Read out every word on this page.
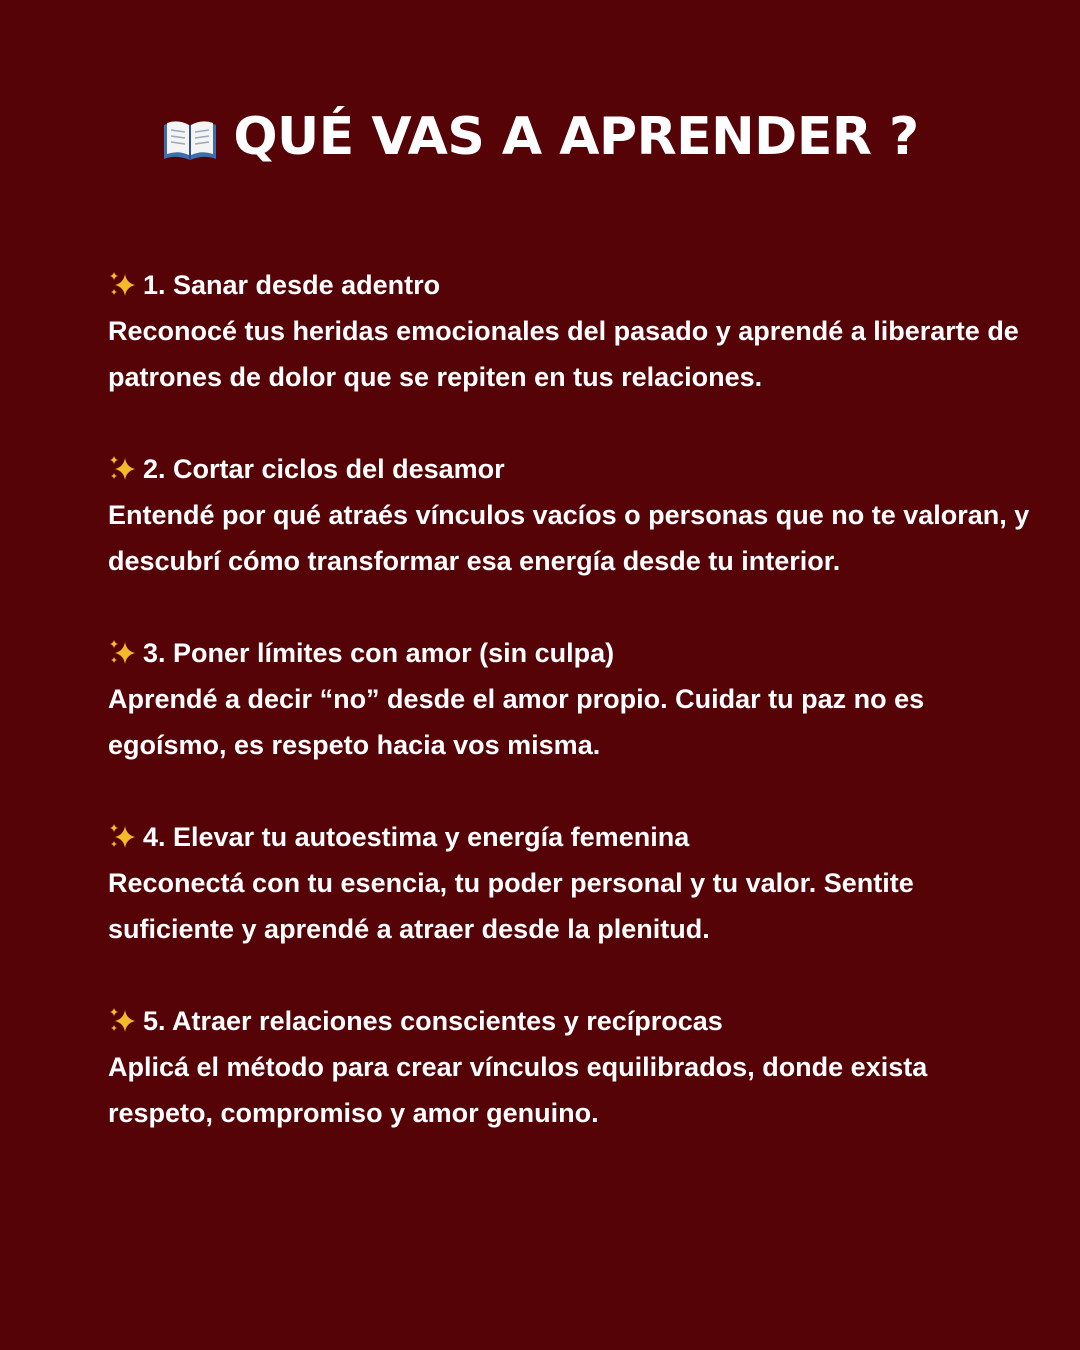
QUÉ VAS A APRENDER ?
1. Sanar desde adentro
Reconocé tus heridas emocionales del pasado y aprendé a liberarte de patrones de dolor que se repiten en tus relaciones.
2. Cortar ciclos del desamor
Entendé por qué atraés vínculos vacíos o personas que no te valoran, y descubrí cómo transformar esa energía desde tu interior.
3. Poner límites con amor (sin culpa)
Aprendé a decir “no” desde el amor propio. Cuidar tu paz no es egoísmo, es respeto hacia vos misma.
4. Elevar tu autoestima y energía femenina
Reconectá con tu esencia, tu poder personal y tu valor. Sentite suficiente y aprendé a atraer desde la plenitud.
5. Atraer relaciones conscientes y recíprocas
Aplicá el método para crear vínculos equilibrados, donde exista respeto, compromiso y amor genuino.
